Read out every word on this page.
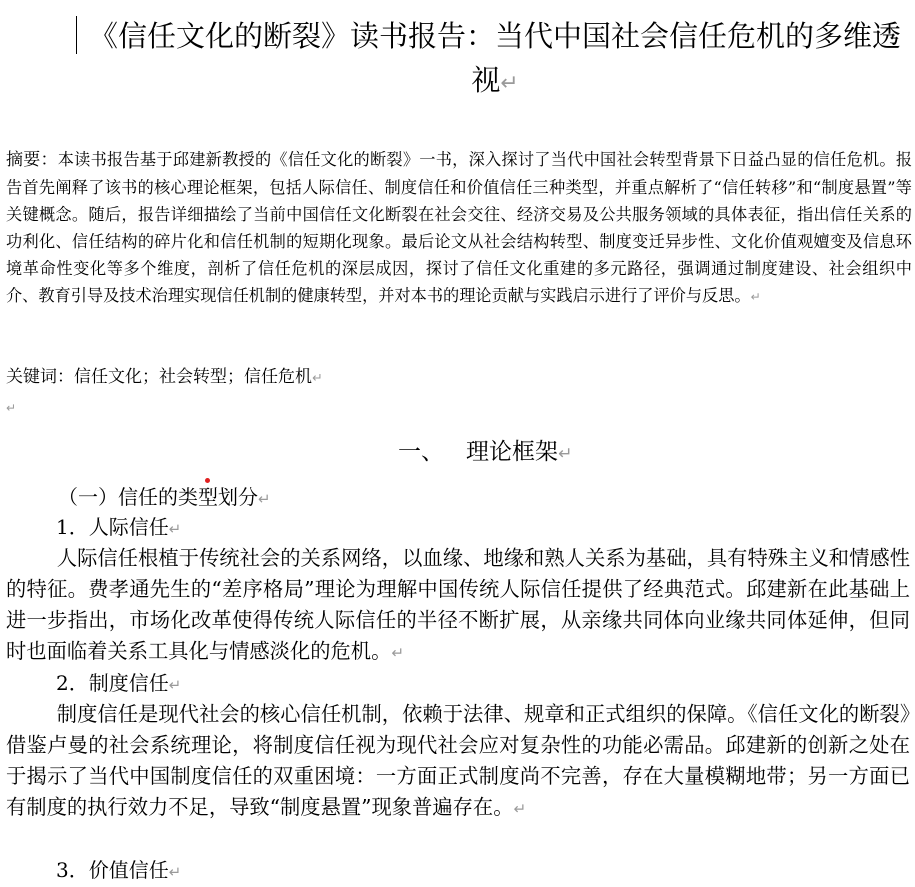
《信任文化的断裂》读书报告：当代中国社会信任危机的多维透视↵
摘要：本读书报告基于邱建新教授的《信任文化的断裂》一书，深入探讨了当代中国社会转型背景下日益凸显的信任危机。报告首先阐释了该书的核心理论框架，包括人际信任、制度信任和价值信任三种类型，并重点解析了“信任转移”和“制度悬置”等关键概念。随后，报告详细描绘了当前中国信任文化断裂在社会交往、经济交易及公共服务领域的具体表征，指出信任关系的功利化、信任结构的碎片化和信任机制的短期化现象。最后论文从社会结构转型、制度变迁异步性、文化价值观嬗变及信息环境革命性变化等多个维度，剖析了信任危机的深层成因，探讨了信任文化重建的多元路径，强调通过制度建设、社会组织中介、教育引导及技术治理实现信任机制的健康转型，并对本书的理论贡献与实践启示进行了评价与反思。↵
关键词：信任文化；社会转型；信任危机↵
↵
一、 理论框架↵
（一）信任的类型划分↵
1．人际信任↵
人际信任根植于传统社会的关系网络，以血缘、地缘和熟人关系为基础，具有特殊主义和情感性的特征。费孝通先生的“差序格局”理论为理解中国传统人际信任提供了经典范式。邱建新在此基础上进一步指出，市场化改革使得传统人际信任的半径不断扩展，从亲缘共同体向业缘共同体延伸，但同时也面临着关系工具化与情感淡化的危机。↵
2．制度信任↵
制度信任是现代社会的核心信任机制，依赖于法律、规章和正式组织的保障。《信任文化的断裂》借鉴卢曼的社会系统理论，将制度信任视为现代社会应对复杂性的功能必需品。邱建新的创新之处在于揭示了当代中国制度信任的双重困境：一方面正式制度尚不完善，存在大量模糊地带；另一方面已有制度的执行效力不足，导致“制度悬置”现象普遍存在。↵
3．价值信任↵
